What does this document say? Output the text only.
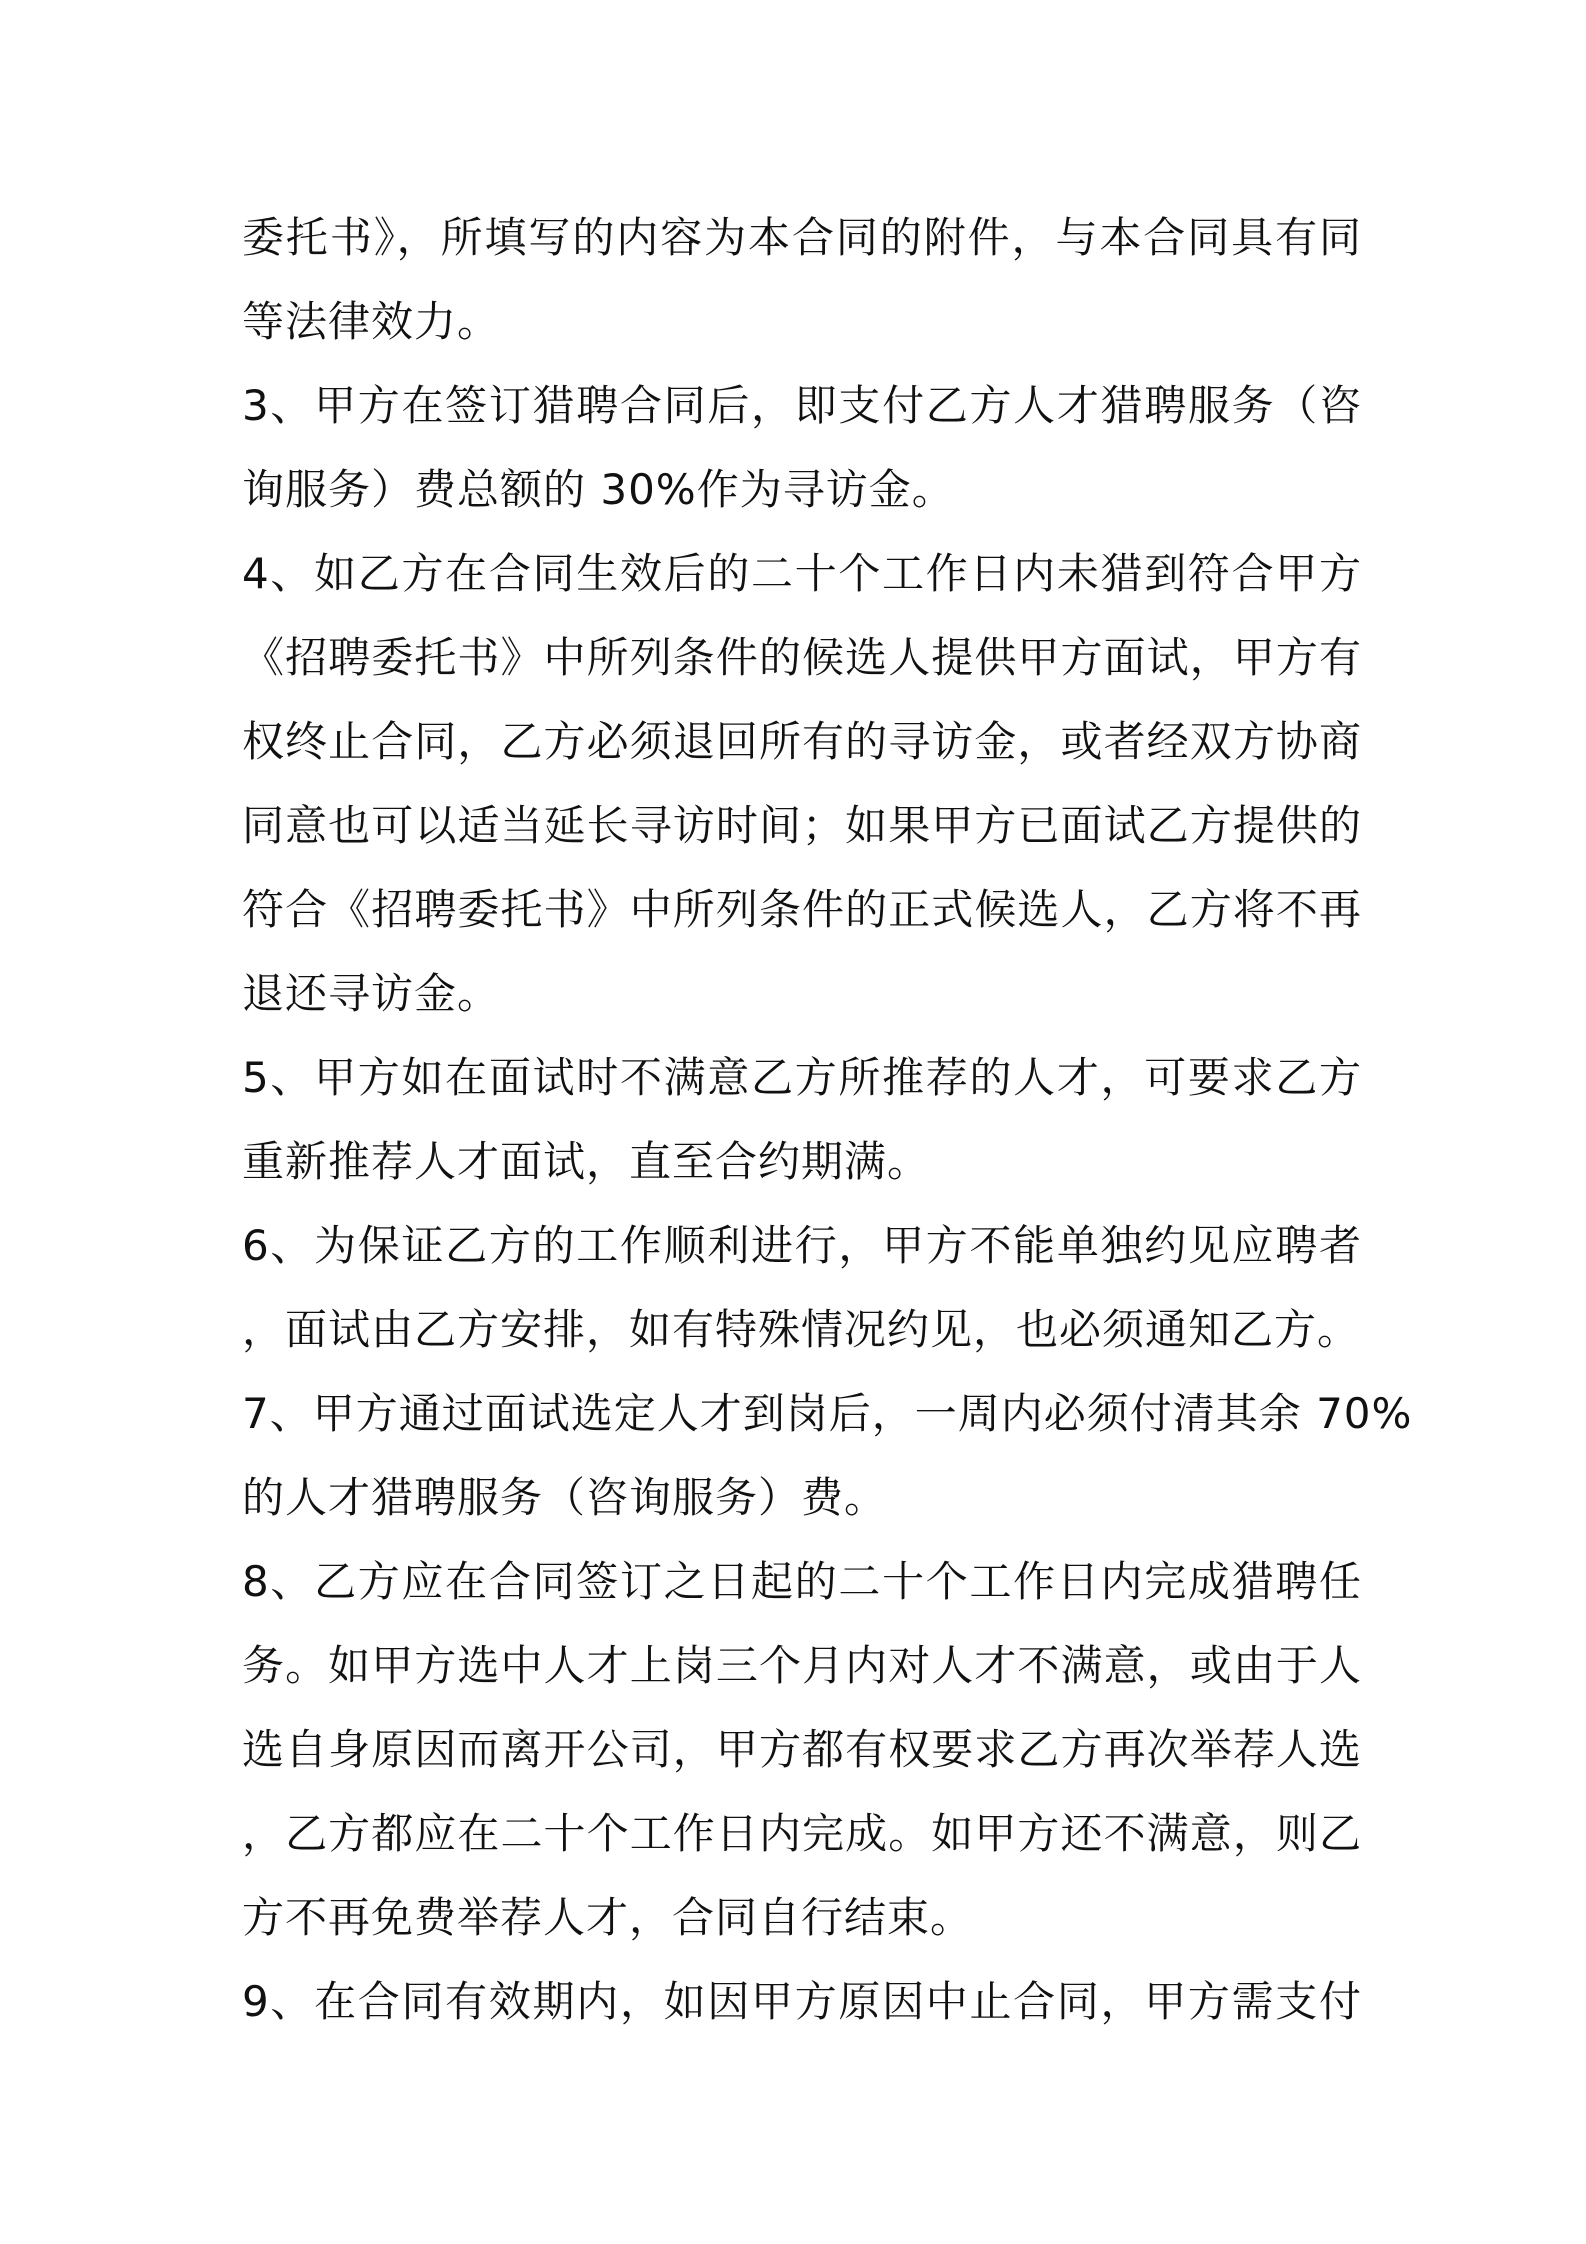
委托书》，所填写的内容为本合同的附件，与本合同具有同
等法律效力。
3、甲方在签订猎聘合同后，即支付乙方人才猎聘服务（咨
询服务）费总额的 30%作为寻访金。
4、如乙方在合同生效后的二十个工作日内未猎到符合甲方
《招聘委托书》中所列条件的候选人提供甲方面试，甲方有
权终止合同，乙方必须退回所有的寻访金，或者经双方协商
同意也可以适当延长寻访时间；如果甲方已面试乙方提供的
符合《招聘委托书》中所列条件的正式候选人，乙方将不再
退还寻访金。
5、甲方如在面试时不满意乙方所推荐的人才，可要求乙方
重新推荐人才面试，直至合约期满。
6、为保证乙方的工作顺利进行，甲方不能单独约见应聘者
，面试由乙方安排，如有特殊情况约见，也必须通知乙方。
7、甲方通过面试选定人才到岗后，一周内必须付清其余 70%
的人才猎聘服务（咨询服务）费。
8、乙方应在合同签订之日起的二十个工作日内完成猎聘任
务。如甲方选中人才上岗三个月内对人才不满意，或由于人
选自身原因而离开公司，甲方都有权要求乙方再次举荐人选
，乙方都应在二十个工作日内完成。如甲方还不满意，则乙
方不再免费举荐人才，合同自行结束。
9、在合同有效期内，如因甲方原因中止合同，甲方需支付
